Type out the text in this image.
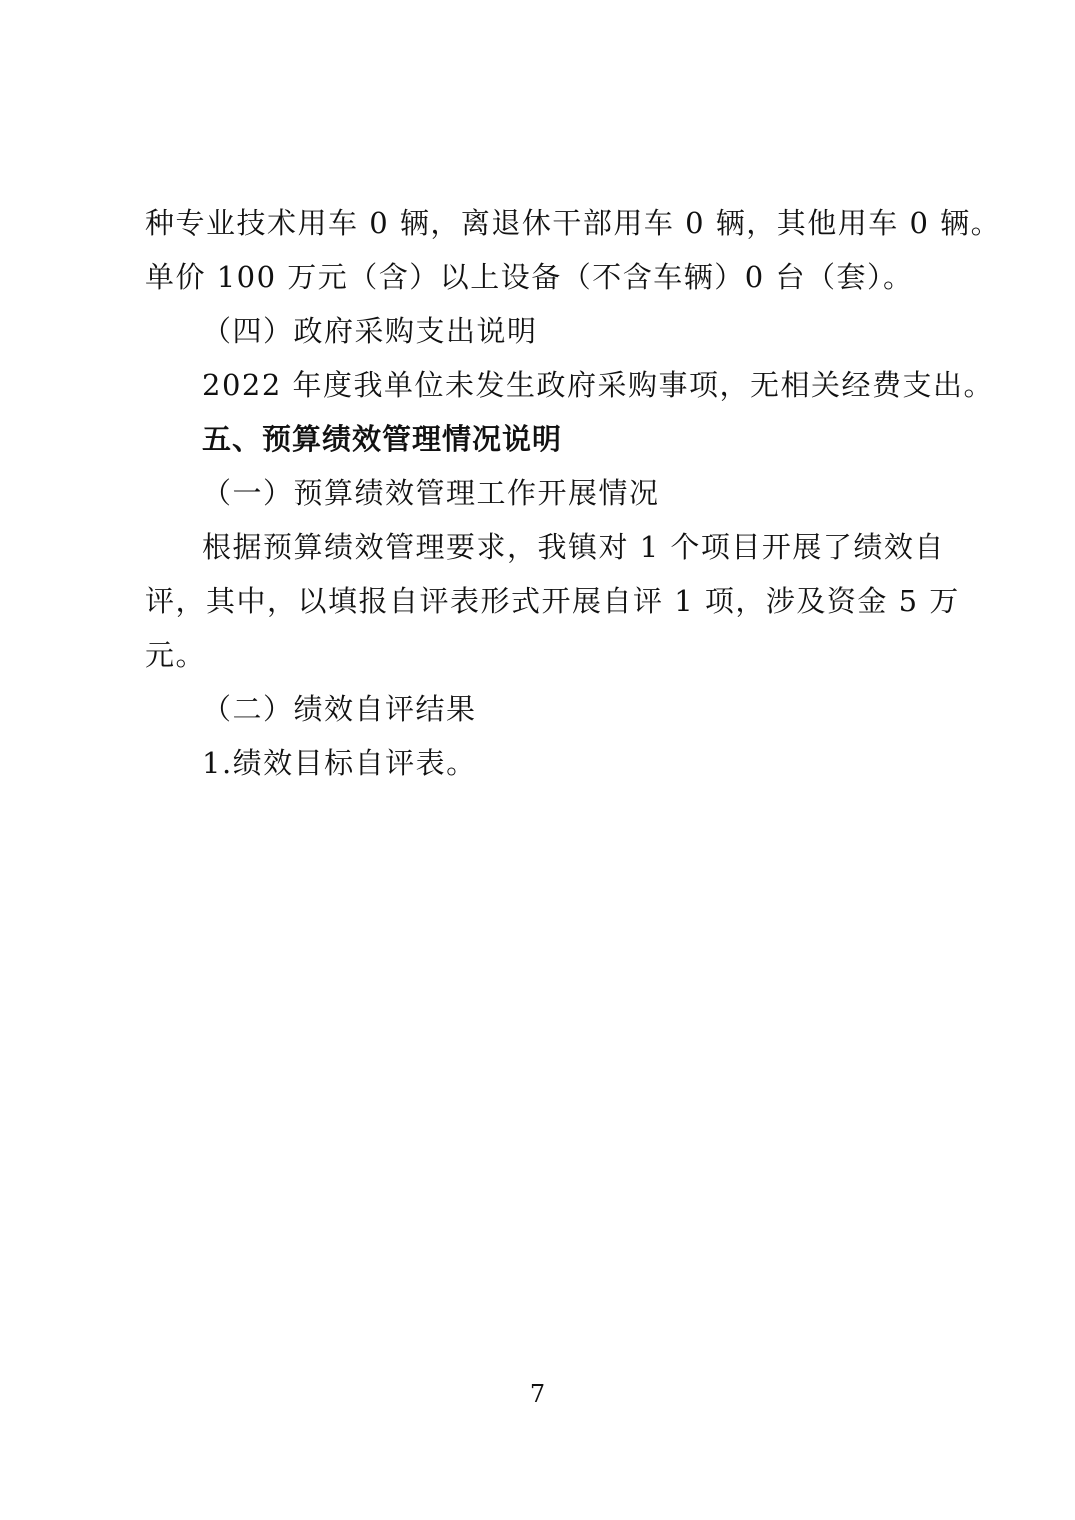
种专业技术用车 0 辆，离退休干部用车 0 辆，其他用车 0 辆。
单价 100 万元（含）以上设备（不含车辆）0 台（套）。
（四）政府采购支出说明
2022 年度我单位未发生政府采购事项，无相关经费支出。
五、预算绩效管理情况说明
（一）预算绩效管理工作开展情况
根据预算绩效管理要求，我镇对 1 个项目开展了绩效自
评，其中，以填报自评表形式开展自评 1 项，涉及资金 5 万
元。
（二）绩效自评结果
1.绩效目标自评表。
7
